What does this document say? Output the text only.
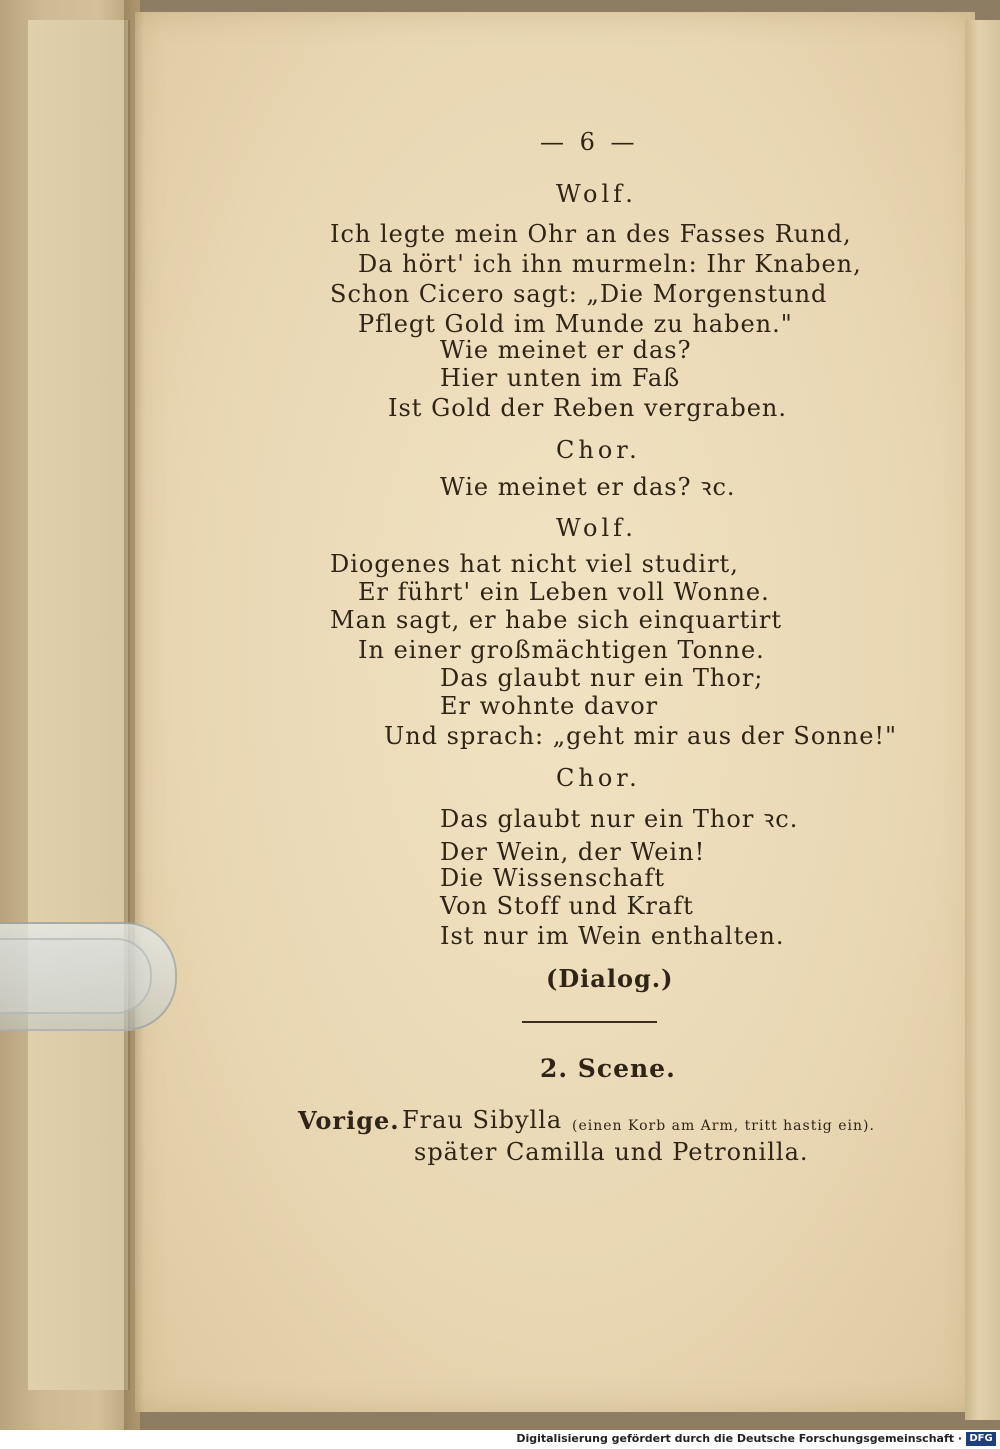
— 6 —
Wolf.
Ich legte mein Ohr an des Fasses Rund,
Da hört' ich ihn murmeln: Ihr Knaben,
Schon Cicero sagt: „Die Morgenstund
Pflegt Gold im Munde zu haben."
Wie meinet er das?
Hier unten im Faß
Ist Gold der Reben vergraben.
Chor.
Wie meinet er das? ꝛc.
Wolf.
Diogenes hat nicht viel studirt,
Er führt' ein Leben voll Wonne.
Man sagt, er habe sich einquartirt
In einer großmächtigen Tonne.
Das glaubt nur ein Thor;
Er wohnte davor
Und sprach: „geht mir aus der Sonne!"
Chor.
Das glaubt nur ein Thor ꝛc.
Der Wein, der Wein!
Die Wissenschaft
Von Stoff und Kraft
Ist nur im Wein enthalten.
(Dialog.)
2. Scene.
Vorige. Frau Sibylla (einen Korb am Arm, tritt hastig ein).
später Camilla und Petronilla.
Digitalisierung gefördert durch die Deutsche Forschungsgemeinschaft · DFG
